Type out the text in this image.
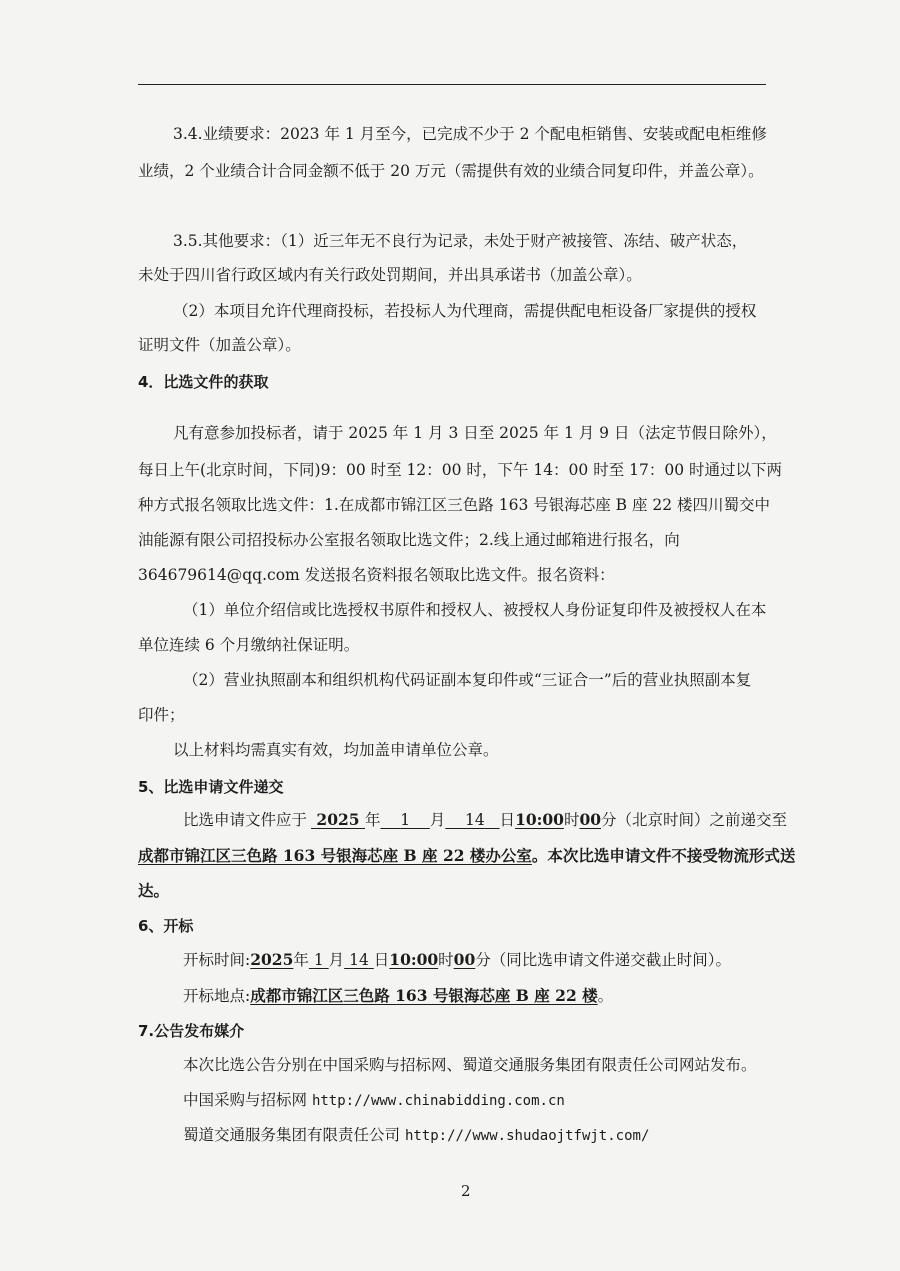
3.4.业绩要求：2023 年 1 月至今，已完成不少于 2 个配电柜销售、安装或配电柜维修
业绩，2 个业绩合计合同金额不低于 20 万元（需提供有效的业绩合同复印件，并盖公章）。
3.5.其他要求：（1）近三年无不良行为记录，未处于财产被接管、冻结、破产状态，
未处于四川省行政区域内有关行政处罚期间，并出具承诺书（加盖公章）。
（2）本项目允许代理商投标，若投标人为代理商，需提供配电柜设备厂家提供的授权
证明文件（加盖公章）。
4．比选文件的获取
凡有意参加投标者，请于 2025 年 1 月 3 日至 2025 年 1 月 9 日（法定节假日除外），
每日上午(北京时间，下同)9：00 时至 12：00 时，下午 14：00 时至 17：00 时通过以下两
种方式报名领取比选文件：1.在成都市锦江区三色路 163 号银海芯座 B 座 22 楼四川蜀交中
油能源有限公司招投标办公室报名领取比选文件；2.线上通过邮箱进行报名，向
364679614@qq.com 发送报名资料报名领取比选文件。报名资料：
（1）单位介绍信或比选授权书原件和授权人、被授权人身份证复印件及被授权人在本
单位连续 6 个月缴纳社保证明。
（2）营业执照副本和组织机构代码证副本复印件或“三证合一”后的营业执照副本复
印件；
以上材料均需真实有效，均加盖申请单位公章。
5、比选申请文件递交
比选申请文件应于 2025 年 1 月 14 日10:00时00分（北京时间）之前递交至
成都市锦江区三色路 163 号银海芯座 B 座 22 楼办公室。本次比选申请文件不接受物流形式送
达。
6、开标
开标时间:2025年 1 月 14 日10:00时00分（同比选申请文件递交截止时间）。
开标地点:成都市锦江区三色路 163 号银海芯座 B 座 22 楼。
7.公告发布媒介
本次比选公告分别在中国采购与招标网、蜀道交通服务集团有限责任公司网站发布。
中国采购与招标网 http://www.chinabidding.com.cn
蜀道交通服务集团有限责任公司 http:///www.shudaojtfwjt.com/
2
